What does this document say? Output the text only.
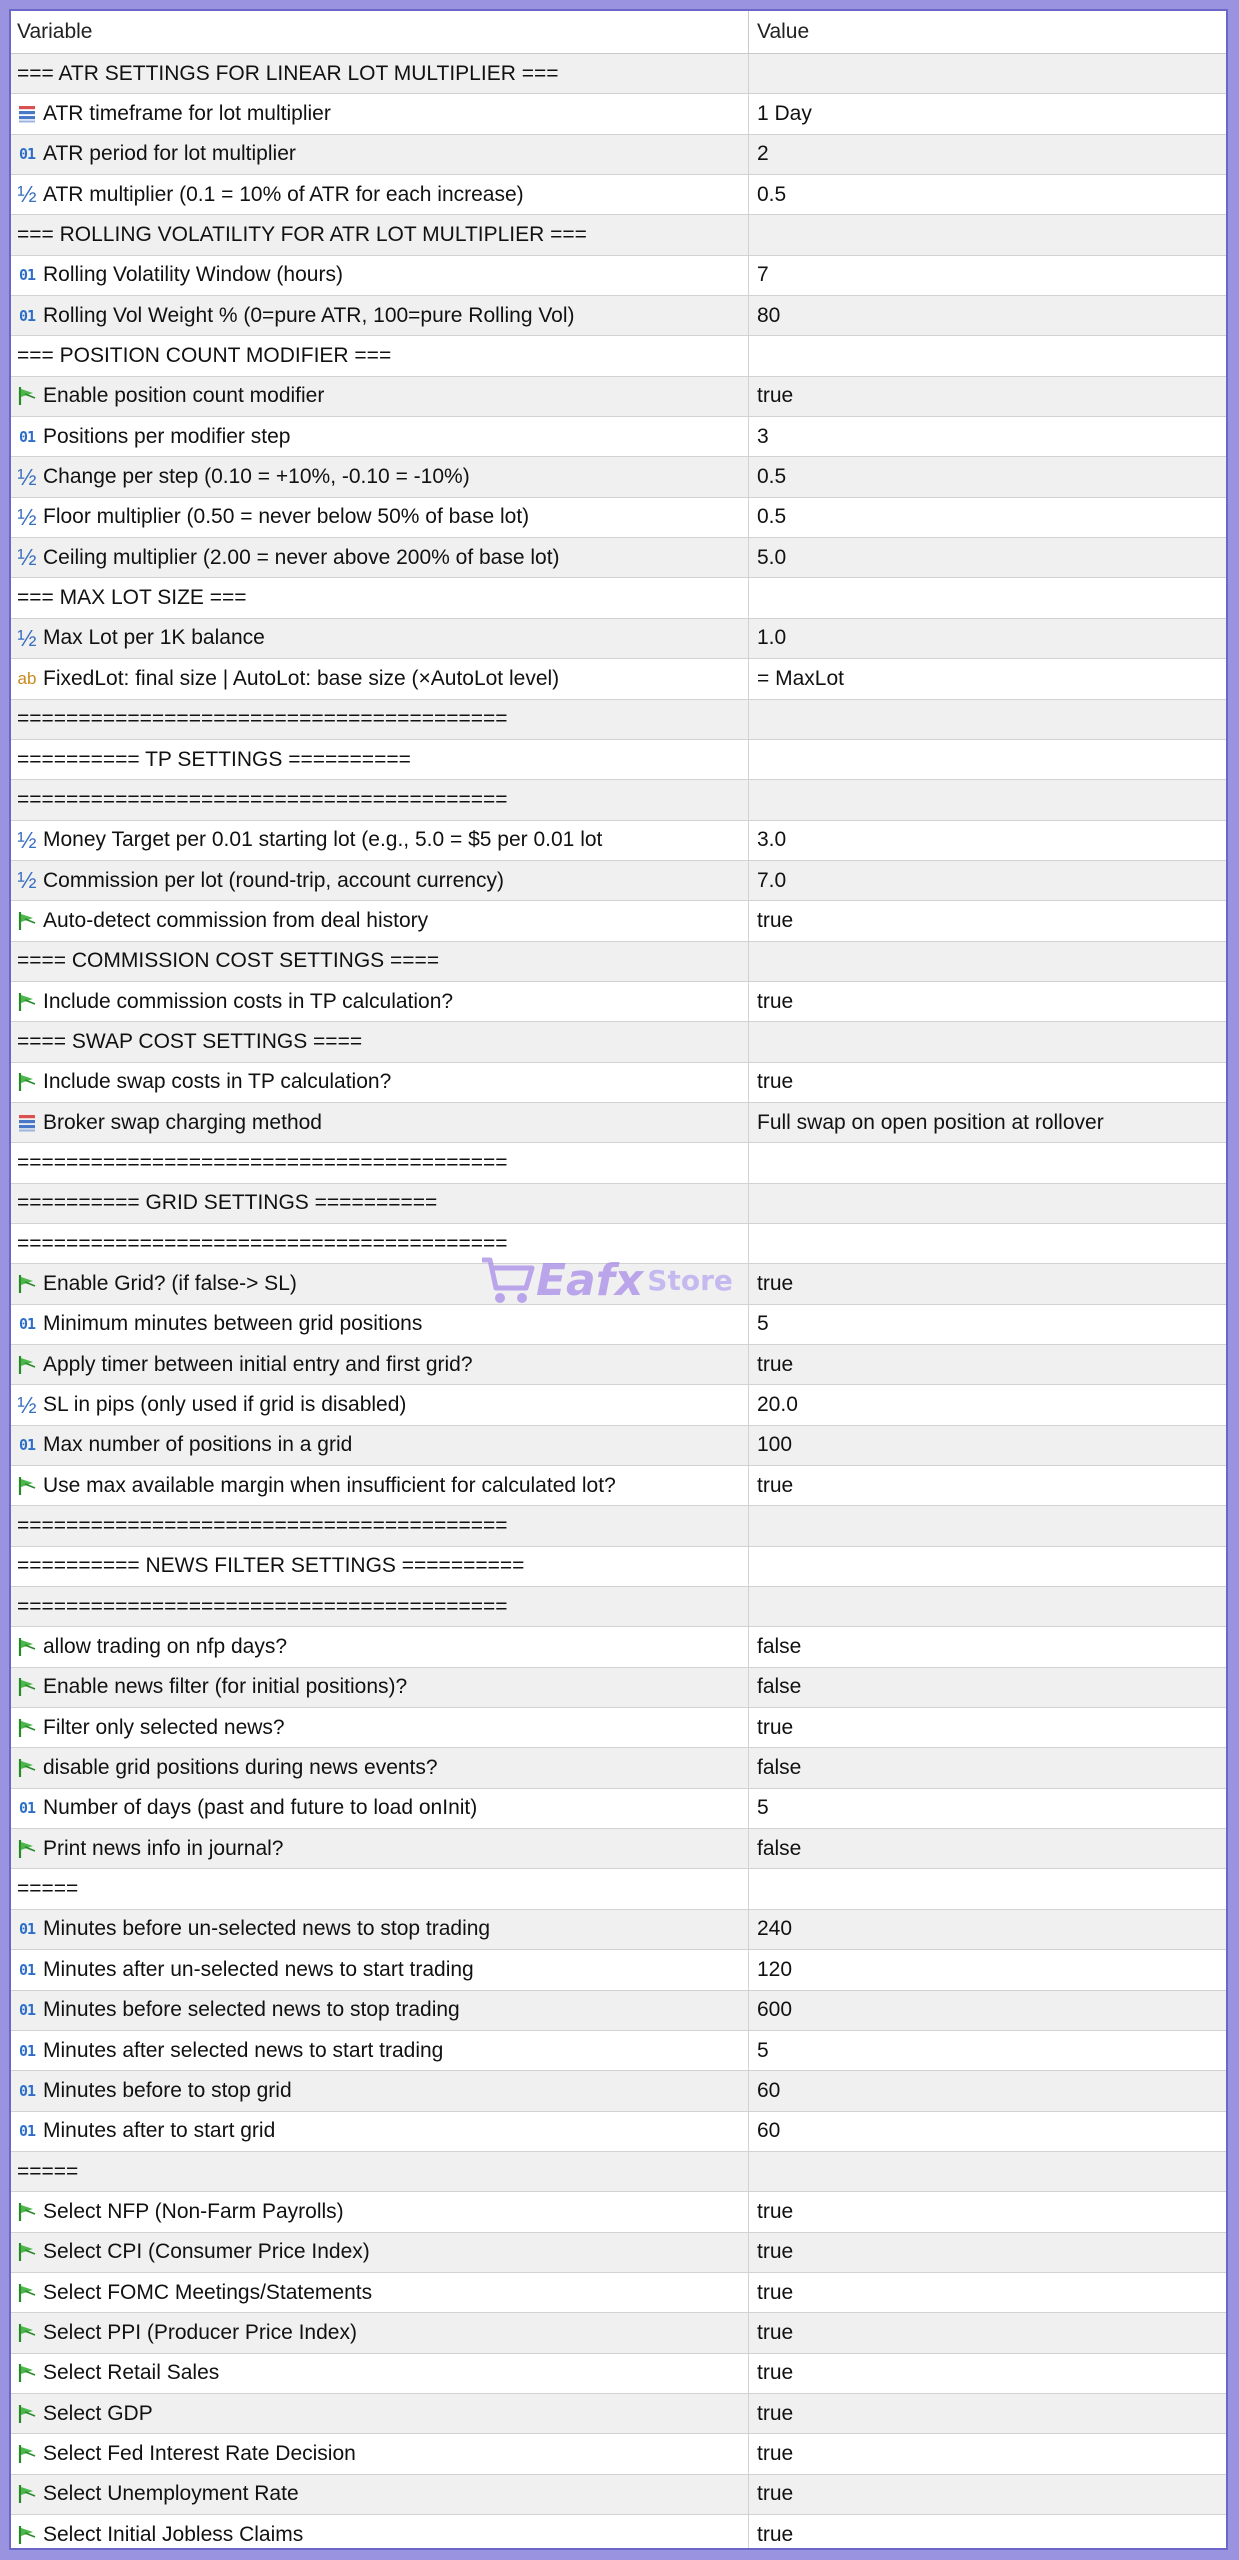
Variable	Value
=== ATR SETTINGS FOR LINEAR LOT MULTIPLIER ===
ATR timeframe for lot multiplier	1 Day
01 ATR period for lot multiplier	2
½ ATR multiplier (0.1 = 10% of ATR for each increase)	0.5
=== ROLLING VOLATILITY FOR ATR LOT MULTIPLIER ===
01 Rolling Volatility Window (hours)	7
01 Rolling Vol Weight % (0=pure ATR, 100=pure Rolling Vol)	80
=== POSITION COUNT MODIFIER ===
Enable position count modifier	true
01 Positions per modifier step	3
½ Change per step (0.10 = +10%, -0.10 = -10%)	0.5
½ Floor multiplier (0.50 = never below 50% of base lot)	0.5
½ Ceiling multiplier (2.00 = never above 200% of base lot)	5.0
=== MAX LOT SIZE ===
½ Max Lot per 1K balance	1.0
ab FixedLot: final size | AutoLot: base size (×AutoLot level)	= MaxLot
========================================
========== TP SETTINGS ==========
========================================
½ Money Target per 0.01 starting lot (e.g., 5.0 = $5 per 0.01 lot	3.0
½ Commission per lot (round-trip, account currency)	7.0
Auto-detect commission from deal history	true
==== COMMISSION COST SETTINGS ====
Include commission costs in TP calculation?	true
==== SWAP COST SETTINGS ====
Include swap costs in TP calculation?	true
Broker swap charging method	Full swap on open position at rollover
========================================
========== GRID SETTINGS ==========
========================================
Enable Grid? (if false-> SL)	true
01 Minimum minutes between grid positions	5
Apply timer between initial entry and first grid?	true
½ SL in pips (only used if grid is disabled)	20.0
01 Max number of positions in a grid	100
Use max available margin when insufficient for calculated lot?	true
========================================
========== NEWS FILTER SETTINGS ==========
========================================
allow trading on nfp days?	false
Enable news filter (for initial positions)?	false
Filter only selected news?	true
disable grid positions during news events?	false
01 Number of days (past and future to load onInit)	5
Print news info in journal?	false
=====
01 Minutes before un-selected news to stop trading	240
01 Minutes after un-selected news to start trading	120
01 Minutes before selected news to stop trading	600
01 Minutes after selected news to start trading	5
01 Minutes before to stop grid	60
01 Minutes after to start grid	60
=====
Select NFP (Non-Farm Payrolls)	true
Select CPI (Consumer Price Index)	true
Select FOMC Meetings/Statements	true
Select PPI (Producer Price Index)	true
Select Retail Sales	true
Select GDP	true
Select Fed Interest Rate Decision	true
Select Unemployment Rate	true
Select Initial Jobless Claims	true
Eafx Store
